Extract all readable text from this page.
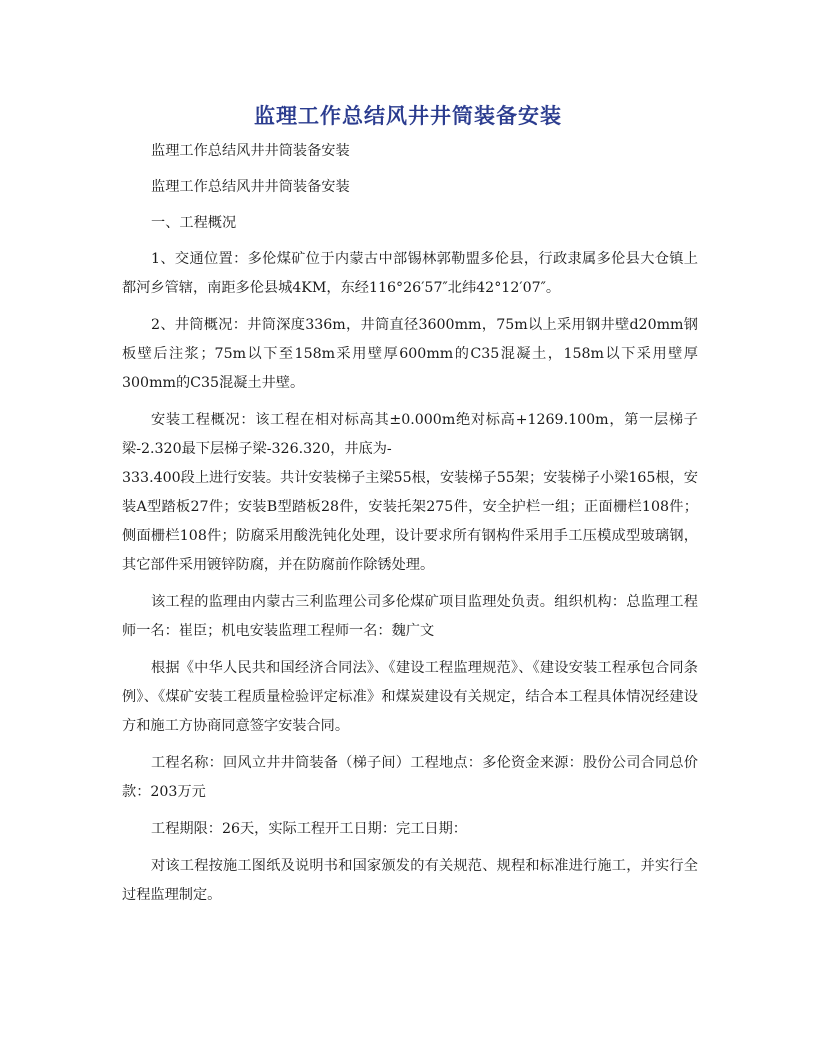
监理工作总结风井井筒装备安装

监理工作总结风井井筒装备安装

监理工作总结风井井筒装备安装

一、工程概况

1、交通位置：多伦煤矿位于内蒙古中部锡林郭勒盟多伦县，行政隶属多伦县大仓镇上都河乡管辖，南距多伦县城4KM，东经116°26′57″北纬42°12′07″。

2、井筒概况：井筒深度336m，井筒直径3600mm，75m以上采用钢井壁d20mm钢板壁后注浆；75m以下至158m采用壁厚600mm的C35混凝土，158m以下采用壁厚300mm的C35混凝土井壁。

安装工程概况：该工程在相对标高其±0.000m绝对标高+1269.100m，第一层梯子梁-2.320最下层梯子梁-326.320，井底为-

333.400段上进行安装。共计安装梯子主梁55根，安装梯子55架；安装梯子小梁165根，安装A型踏板27件；安装B型踏板28件，安装托架275件，安全护栏一组；正面栅栏108件；侧面栅栏108件；防腐采用酸洗钝化处理，设计要求所有钢构件采用手工压模成型玻璃钢，其它部件采用镀锌防腐，并在防腐前作除锈处理。

该工程的监理由内蒙古三利监理公司多伦煤矿项目监理处负责。组织机构：总监理工程师一名：崔臣；机电安装监理工程师一名：魏广文

根据《中华人民共和国经济合同法》、《建设工程监理规范》、《建设安装工程承包合同条例》、《煤矿安装工程质量检验评定标准》和煤炭建设有关规定，结合本工程具体情况经建设方和施工方协商同意签字安装合同。

工程名称：回风立井井筒装备（梯子间）工程地点：多伦资金来源：股份公司合同总价款：203万元

工程期限：26天，实际工程开工日期：完工日期：

对该工程按施工图纸及说明书和国家颁发的有关规范、规程和标准进行施工，并实行全过程监理制定。
